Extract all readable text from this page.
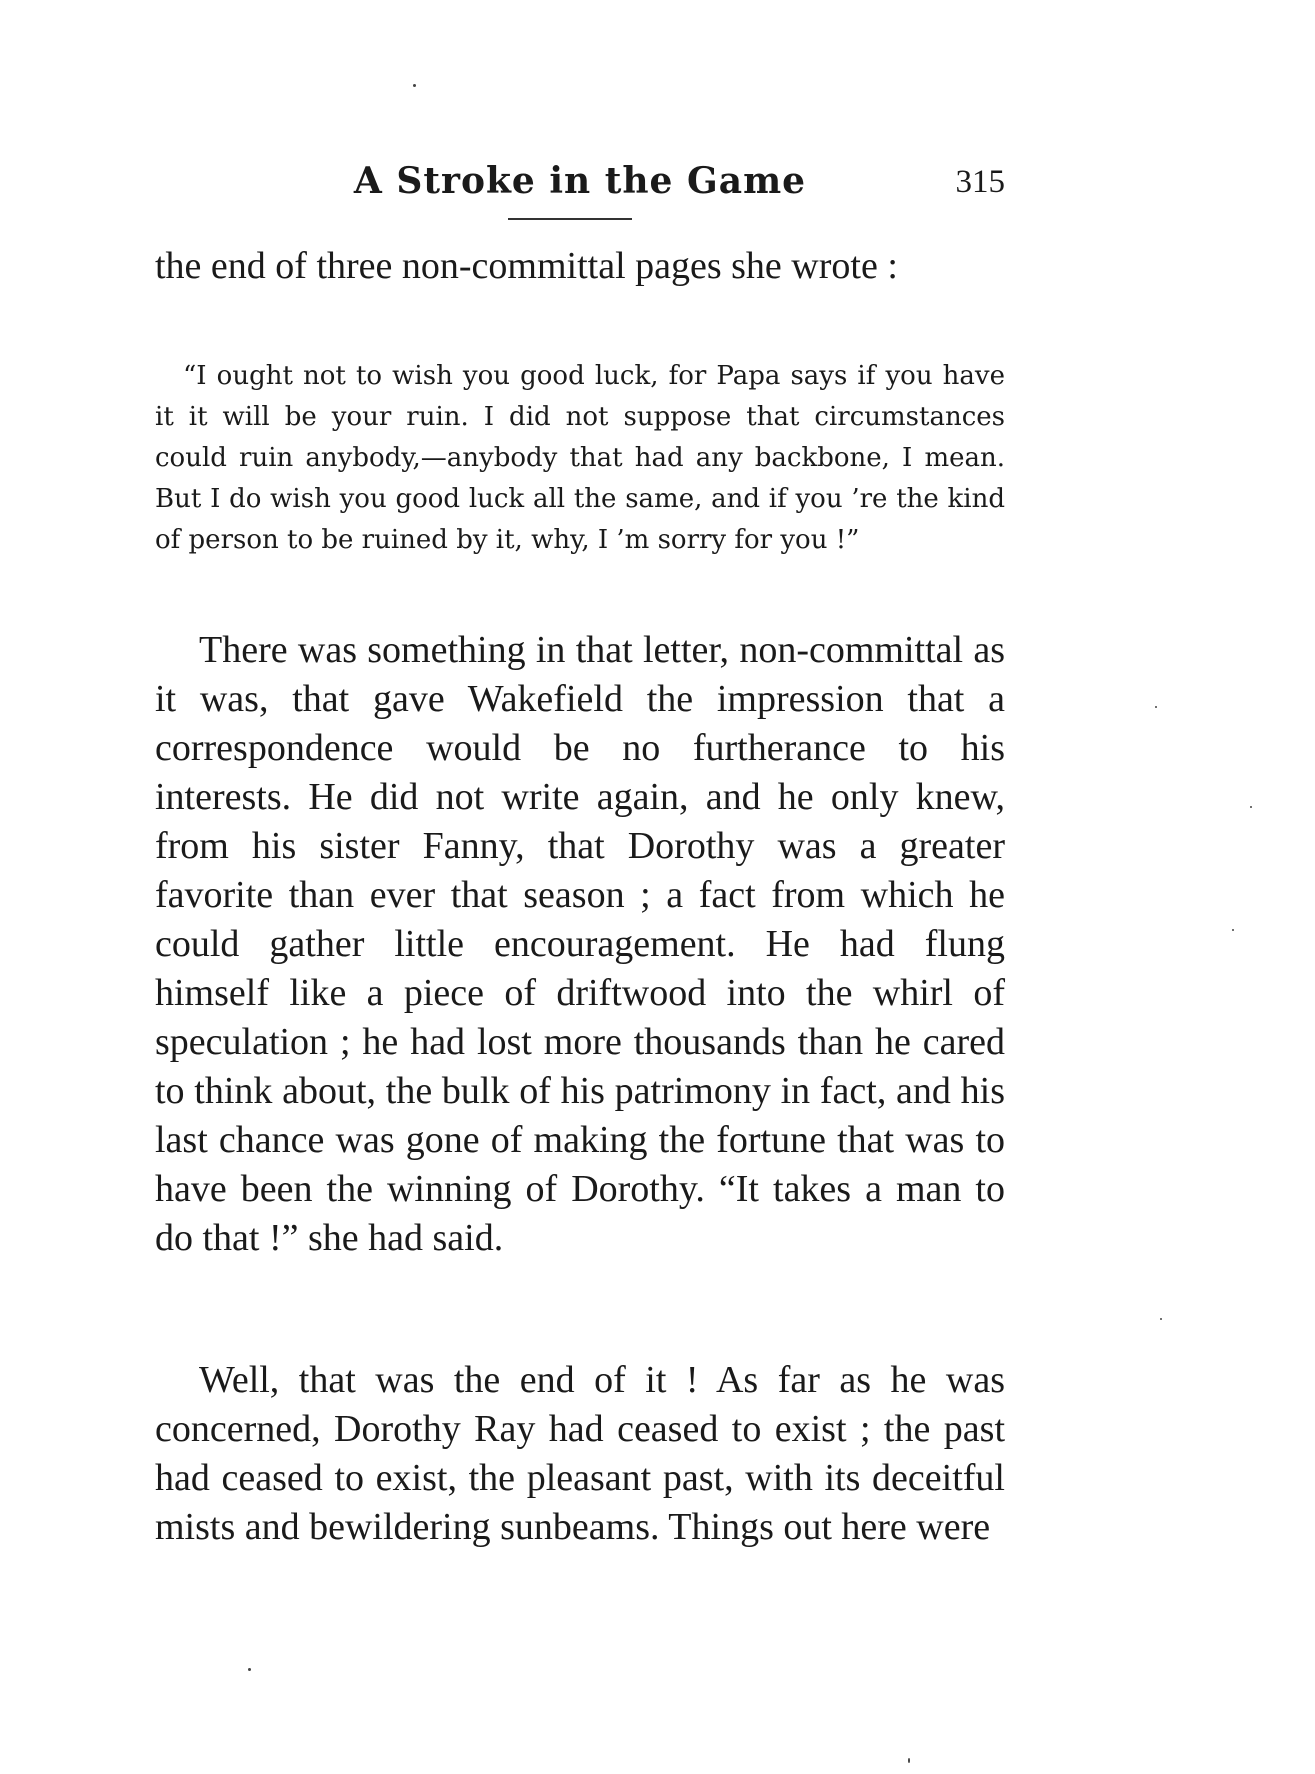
A Stroke in the Game	315

the end of three non-committal pages she wrote :

“I ought not to wish you good luck, for Papa says if you have it it will be your ruin. I did not suppose that circumstances could ruin anybody,—anybody that had any backbone, I mean. But I do wish you good luck all the same, and if you ’re the kind of person to be ruined by it, why, I ’m sorry for you !”

There was something in that letter, non-committal as it was, that gave Wakefield the impression that a correspondence would be no furtherance to his interests. He did not write again, and he only knew, from his sister Fanny, that Dorothy was a greater favorite than ever that season ; a fact from which he could gather little encouragement. He had flung himself like a piece of driftwood into the whirl of speculation ; he had lost more thousands than he cared to think about, the bulk of his patrimony in fact, and his last chance was gone of making the fortune that was to have been the winning of Dorothy. “It takes a man to do that !” she had said.

Well, that was the end of it ! As far as he was concerned, Dorothy Ray had ceased to exist ; the past had ceased to exist, the pleasant past, with its deceitful mists and bewildering sunbeams. Things out here were
